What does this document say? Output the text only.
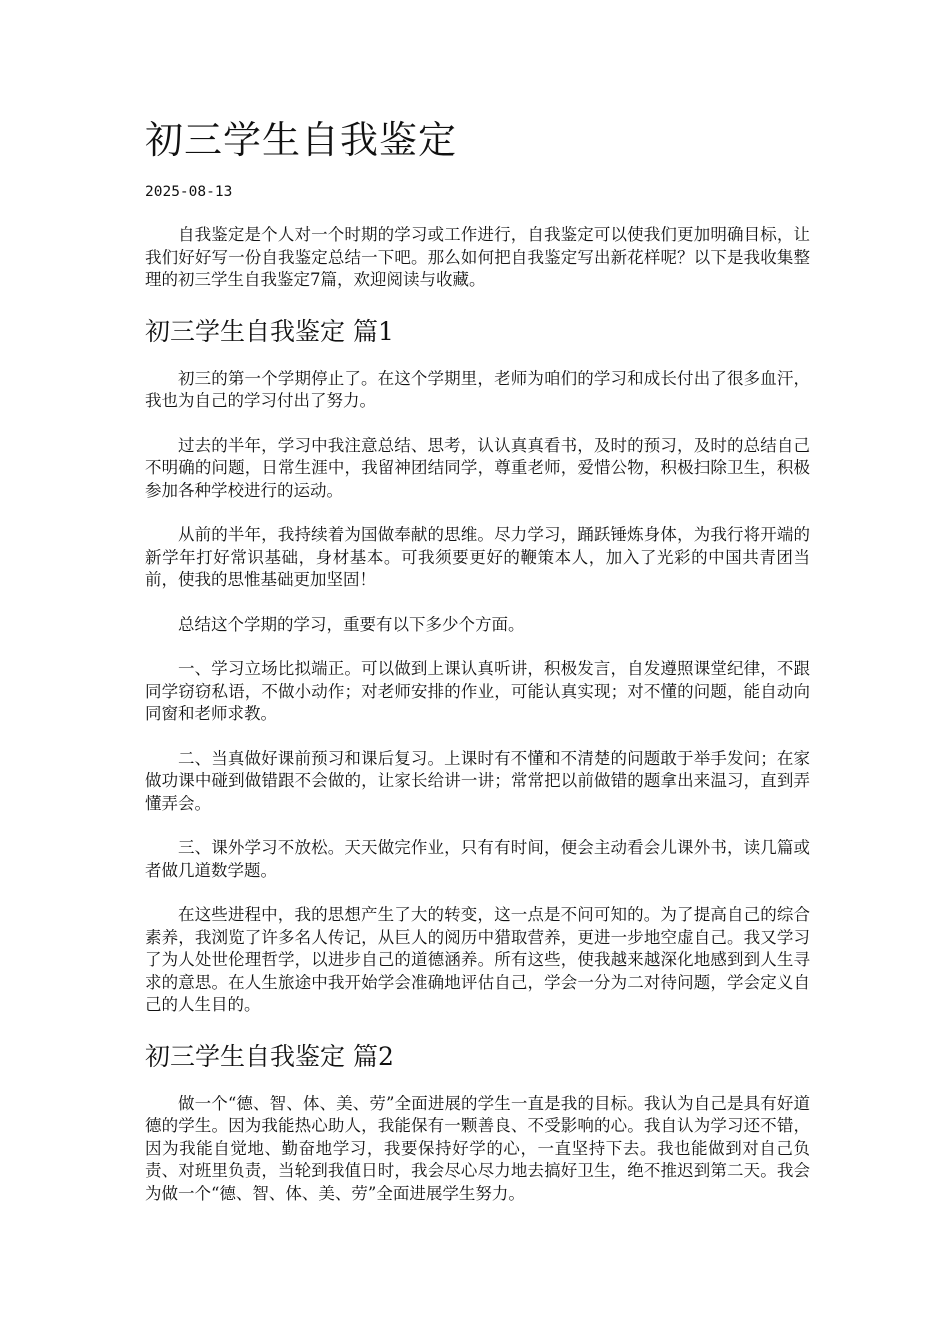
初三学生自我鉴定
2025-08-13

自我鉴定是个人对一个时期的学习或工作进行，自我鉴定可以使我们更加明确目标，让我们好好写一份自我鉴定总结一下吧。那么如何把自我鉴定写出新花样呢？以下是我收集整理的初三学生自我鉴定7篇，欢迎阅读与收藏。

初三学生自我鉴定 篇1

初三的第一个学期停止了。在这个学期里，老师为咱们的学习和成长付出了很多血汗，我也为自己的学习付出了努力。

过去的半年，学习中我注意总结、思考，认认真真看书，及时的预习，及时的总结自己不明确的问题，日常生涯中，我留神团结同学，尊重老师，爱惜公物，积极扫除卫生，积极参加各种学校进行的运动。

从前的半年，我持续着为国做奉献的思维。尽力学习，踊跃锤炼身体，为我行将开端的新学年打好常识基础，身材基本。可我须要更好的鞭策本人，加入了光彩的中国共青团当前，使我的思惟基础更加坚固！

总结这个学期的学习，重要有以下多少个方面。

一、学习立场比拟端正。可以做到上课认真听讲，积极发言，自发遵照课堂纪律，不跟同学窃窃私语，不做小动作；对老师安排的作业，可能认真实现；对不懂的问题，能自动向同窗和老师求教。

二、当真做好课前预习和课后复习。上课时有不懂和不清楚的问题敢于举手发问；在家做功课中碰到做错跟不会做的，让家长给讲一讲；常常把以前做错的题拿出来温习，直到弄懂弄会。

三、课外学习不放松。天天做完作业，只有有时间，便会主动看会儿课外书，读几篇或者做几道数学题。

在这些进程中，我的思想产生了大的转变，这一点是不问可知的。为了提高自己的综合素养，我浏览了许多名人传记，从巨人的阅历中猎取营养，更进一步地空虚自己。我又学习了为人处世伦理哲学，以进步自己的道德涵养。所有这些，使我越来越深化地感到到人生寻求的意思。在人生旅途中我开始学会准确地评估自己，学会一分为二对待问题，学会定义自己的人生目的。

初三学生自我鉴定 篇2

做一个“德、智、体、美、劳”全面进展的学生一直是我的目标。我认为自己是具有好道德的学生。因为我能热心助人，我能保有一颗善良、不受影响的心。我自认为学习还不错，因为我能自觉地、勤奋地学习，我要保持好学的心，一直坚持下去。我也能做到对自己负责、对班里负责，当轮到我值日时，我会尽心尽力地去搞好卫生，绝不推迟到第二天。我会为做一个“德、智、体、美、劳”全面进展学生努力。
